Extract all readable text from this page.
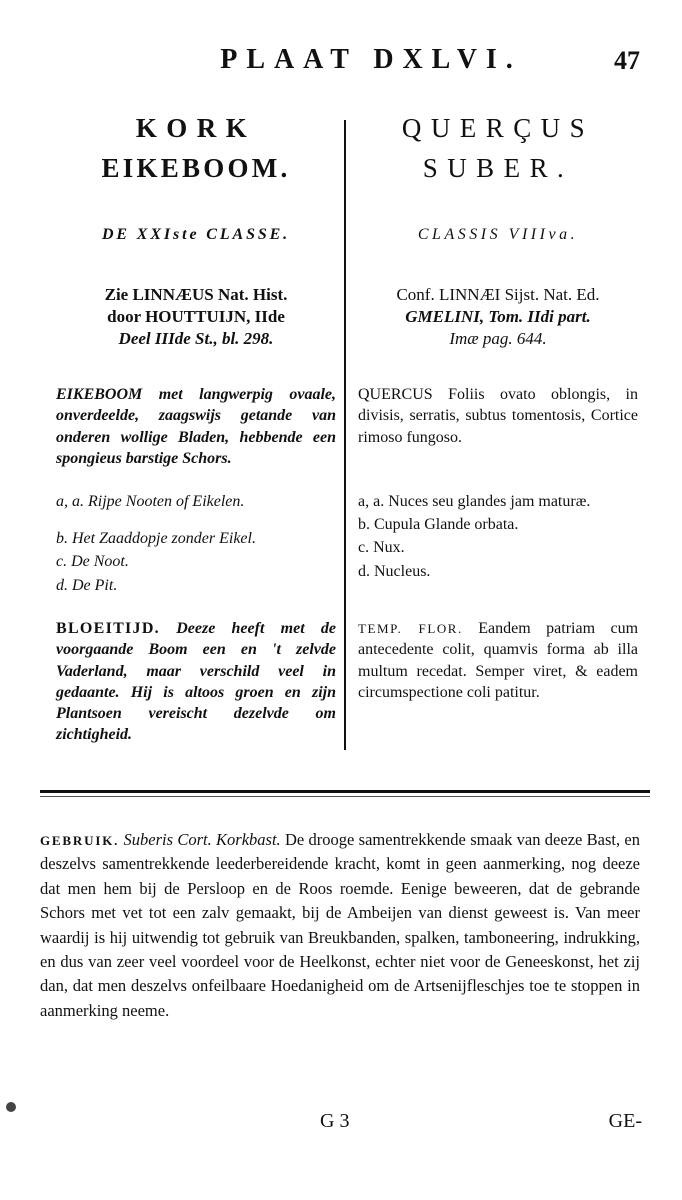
PLAAT DXLVI.	47
KORK
EIKEBOOM.
DE XXIste CLASSE.
Zie LINNÆUS Nat. Hist.
door HOUTTUIJN, IIde
Deel IIIde St., bl. 298.
EIKEBOOM met langwerpig ovaale, onverdeelde, zaagswijs getande van onderen wollige Bladen, hebbende een spongieus barstige Schors.
a, a. Rijpe Nooten of Eikelen.
b. Het Zaaddopje zonder Eikel.
c. De Noot.
d. De Pit.
BLOEITIJD. Deeze heeft met de voorgaande Boom een en 't zelvde Vaderland, maar verschild veel in gedaante. Hij is altoos groen en zijn Plantsoen vereischt dezelvde om zichtigheid.
QUERÇUS
SUBER.
CLASSIS VIIIva.
Conf. LINNÆI Sijst. Nat. Ed.
GMELINI, Tom. IIdi part.
Imæ pag. 644.
QUERCUS Foliis ovato oblongis, in divisis, serratis, subtus tomentosis, Cortice rimoso fungoso.
a, a. Nuces seu glandes jam maturæ.
b. Cupula Glande orbata.
c. Nux.
d. Nucleus.
TEMP. FLOR. Eandem patriam cum antecedente colit, quamvis forma ab illa multum recedat. Semper viret, & eadem circumspectione coli patitur.
GEBRUIK. Suberis Cort. Korkbast. De drooge samentrekkende smaak van deeze Bast, en deszelvs samentrekkende leederbereidende kracht, komt in geen aanmerking, nog deeze dat men hem bij de Persloop en de Roos roemde. Eenige beweeren, dat de gebrande Schors met vet tot een zalv gemaakt, bij de Ambeijen van dienst geweest is. Van meer waardij is hij uitwendig tot gebruik van Breukbanden, spalken, tamboneering, indrukking, en dus van zeer veel voordeel voor de Heelkonst, echter niet voor de Geneeskonst, het zij dan, dat men deszelvs onfeilbaare Hoedanigheid om de Artsenijfleschjes toe te stoppen in aanmerking neeme.
G 3	GE-
